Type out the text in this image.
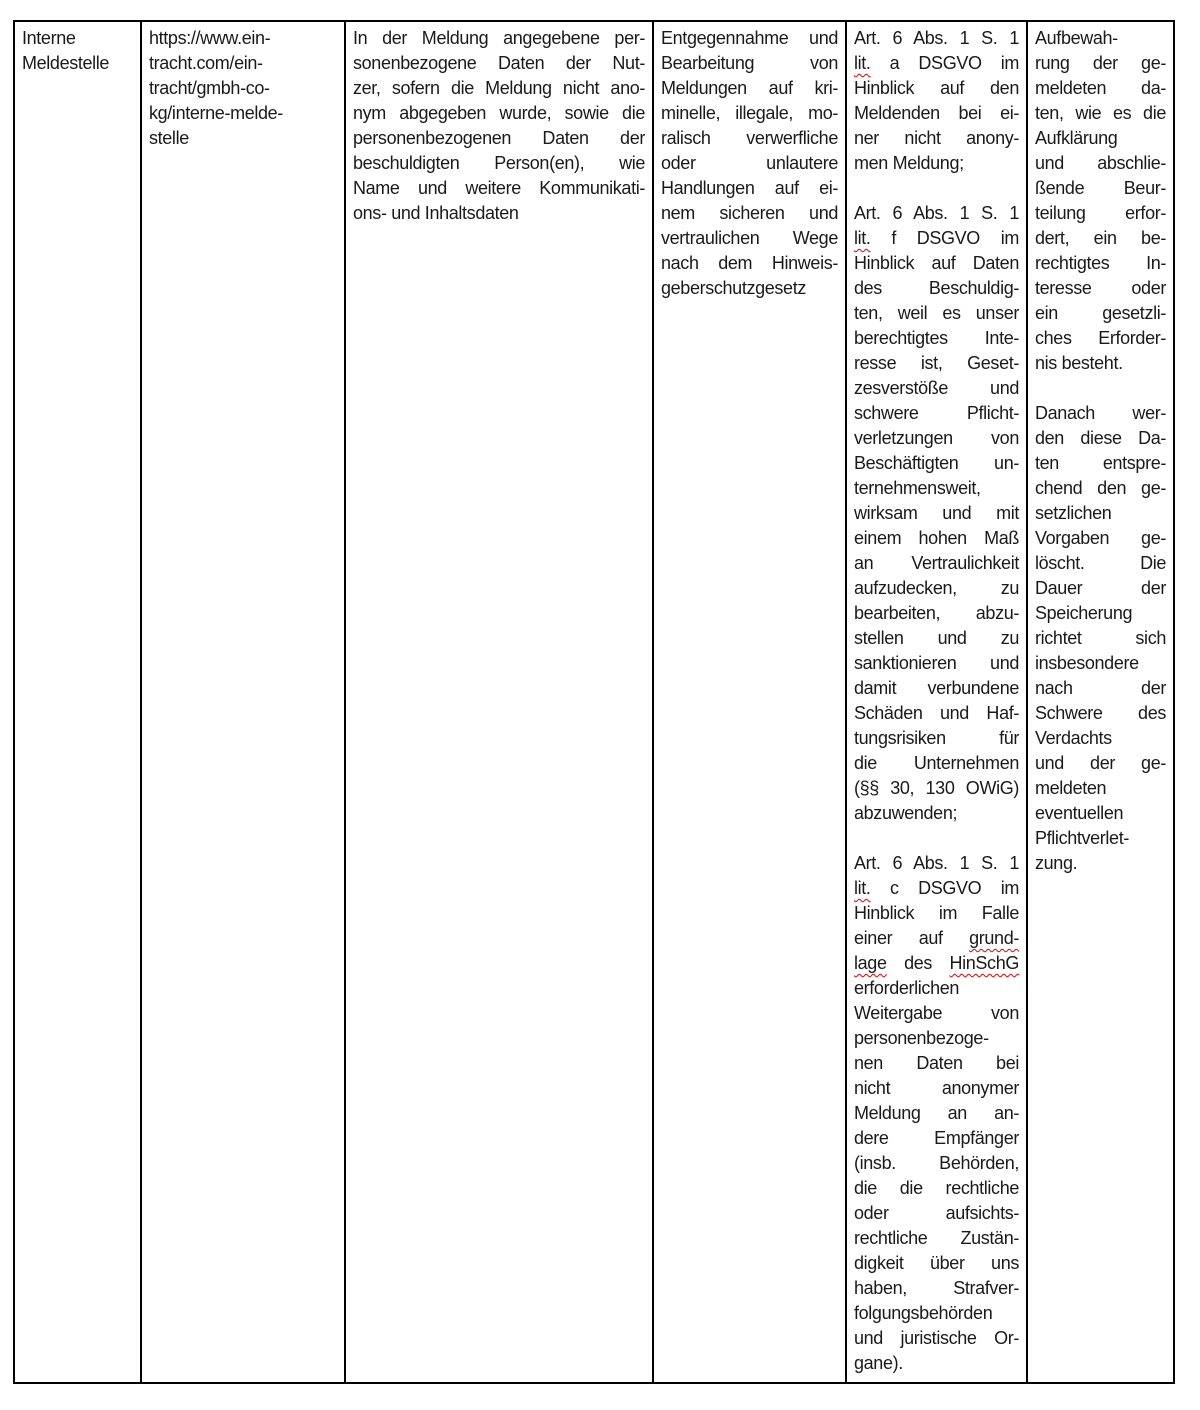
Interne
Meldestelle

https://www.ein-
tracht.com/ein-
tracht/gmbh-co-
kg/interne-melde-
stelle

In der Meldung angegebene per-
sonenbezogene Daten der Nut-
zer, sofern die Meldung nicht ano-
nym abgegeben wurde, sowie die
personenbezogenen Daten der
beschuldigten Person(en), wie
Name und weitere Kommunikati-
ons- und Inhaltsdaten

Entgegennahme und
Bearbeitung von
Meldungen auf kri-
minelle, illegale, mo-
ralisch verwerfliche
oder unlautere
Handlungen auf ei-
nem sicheren und
vertraulichen Wege
nach dem Hinweis-
geberschutzgesetz

Art. 6 Abs. 1 S. 1
lit. a DSGVO im
Hinblick auf den
Meldenden bei ei-
ner nicht anony-
men Meldung;
Art. 6 Abs. 1 S. 1
lit. f DSGVO im
Hinblick auf Daten
des Beschuldig-
ten, weil es unser
berechtigtes Inte-
resse ist, Geset-
zesverstöße und
schwere Pflicht-
verletzungen von
Beschäftigten un-
ternehmensweit,
wirksam und mit
einem hohen Maß
an Vertraulichkeit
aufzudecken, zu
bearbeiten, abzu-
stellen und zu
sanktionieren und
damit verbundene
Schäden und Haf-
tungsrisiken für
die Unternehmen
(§§ 30, 130 OWiG)
abzuwenden;
Art. 6 Abs. 1 S. 1
lit. c DSGVO im
Hinblick im Falle
einer auf grund-
lage des HinSchG
erforderlichen
Weitergabe von
personenbezoge-
nen Daten bei
nicht anonymer
Meldung an an-
dere Empfänger
(insb. Behörden,
die die rechtliche
oder aufsichts-
rechtliche Zustän-
digkeit über uns
haben, Strafver-
folgungsbehörden
und juristische Or-
gane).

Aufbewah-
rung der ge-
meldeten da-
ten, wie es die
Aufklärung
und abschlie-
ßende Beur-
teilung erfor-
dert, ein be-
rechtigtes In-
teresse oder
ein gesetzli-
ches Erforder-
nis besteht.
Danach wer-
den diese Da-
ten entspre-
chend den ge-
setzlichen
Vorgaben ge-
löscht. Die
Dauer der
Speicherung
richtet sich
insbesondere
nach der
Schwere des
Verdachts
und der ge-
meldeten
eventuellen
Pflichtverlet-
zung.
